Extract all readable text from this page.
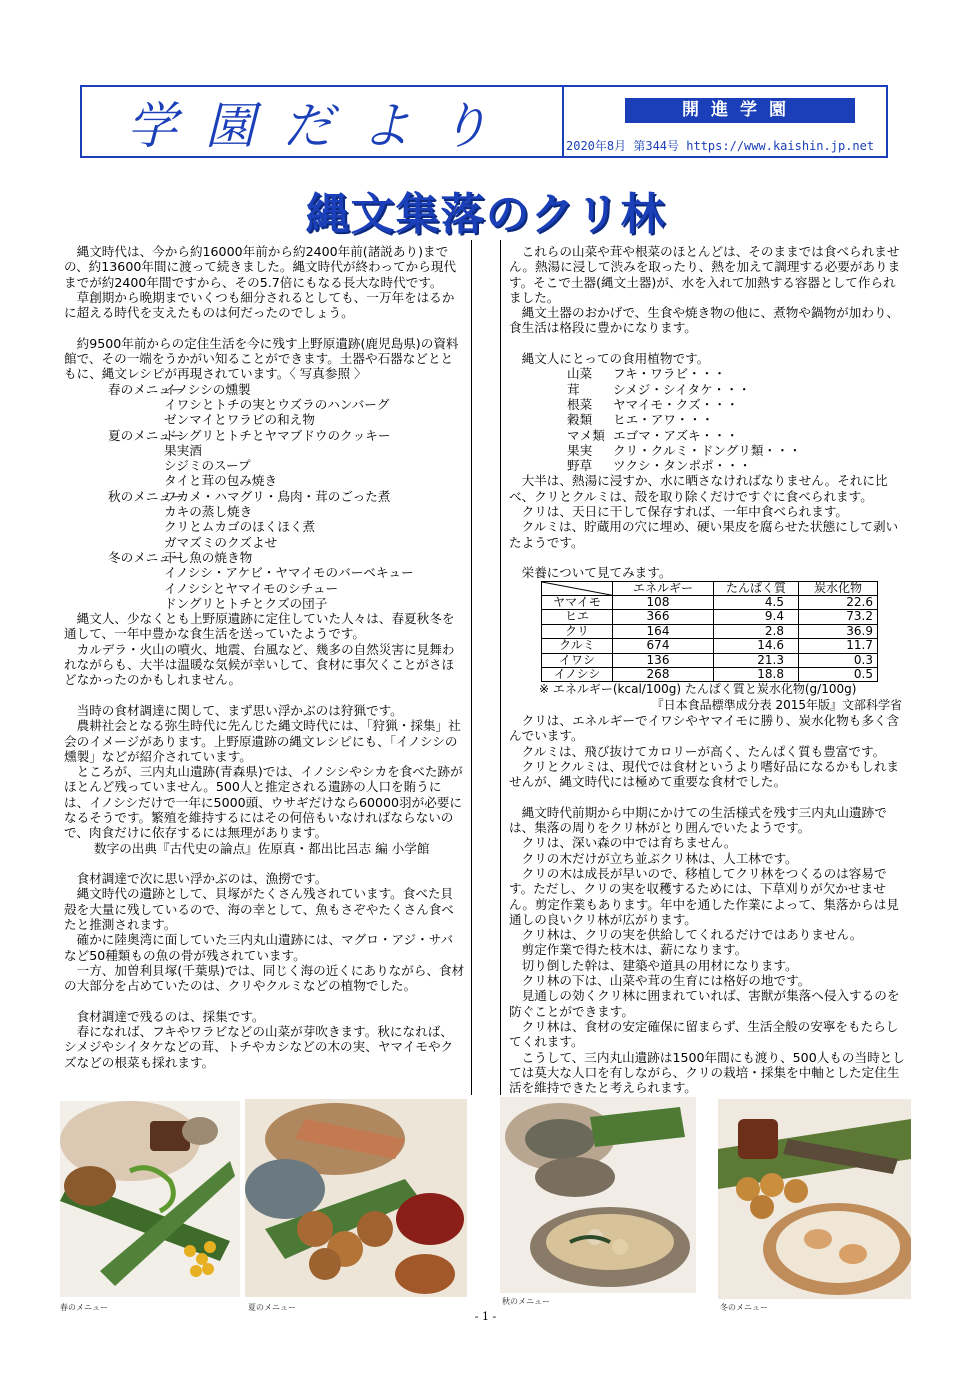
学園だより	開進学園
2020年8月 第344号 https://www.kaishin.jp.net
縄文集落のクリ林

縄文時代は、今から約16000年前から約2400年前(諸説あり)までの、約13600年間に渡って続きました。縄文時代が終わってから現代までが約2400年間ですから、その5.7倍にもなる長大な時代です。

草創期から晩期までいくつも細分されるとしても、一万年をはるかに超える時代を支えたものは何だったのでしょう。

約9500年前からの定住生活を今に残す上野原遺跡(鹿児島県)の資料館で、その一端をうかがい知ることができます。土器や石器などとともに、縄文レシピが再現されています。〈 写真参照 〉

春のメニュー
イノシシの燻製
イワシとトチの実とウズラのハンバーグ
ゼンマイとワラビの和え物
夏のメニュー
ドングリとトチとヤマブドウのクッキー
果実酒
シジミのスープ
タイと茸の包み焼き
秋のメニュー
ワカメ・ハマグリ・鳥肉・茸のごった煮
カキの蒸し焼き
クリとムカゴのほくほく煮
ガマズミのクズよせ
冬のメニュー
干し魚の焼き物
イノシシ・アケビ・ヤマイモのバーベキュー
イノシシとヤマイモのシチュー
ドングリとトチとクズの団子

縄文人、少なくとも上野原遺跡に定住していた人々は、春夏秋冬を通して、一年中豊かな食生活を送っていたようです。

カルデラ・火山の噴火、地震、台風など、幾多の自然災害に見舞われながらも、大半は温暖な気候が幸いして、食材に事欠くことがさほどなかったのかもしれません。

当時の食材調達に関して、まず思い浮かぶのは狩猟です。

農耕社会となる弥生時代に先んじた縄文時代には、「狩猟・採集」社会のイメージがあります。上野原遺跡の縄文レシピにも、「イノシシの燻製」などが紹介されています。

ところが、三内丸山遺跡(青森県)では、イノシシやシカを食べた跡がほとんど残っていません。500人と推定される遺跡の人口を賄うには、イノシシだけで一年に5000頭、ウサギだけなら60000羽が必要になるそうです。繁殖を維持するにはその何倍もいなければならないので、肉食だけに依存するには無理があります。

数字の出典『古代史の論点』佐原真・都出比呂志 編 小学館

食材調達で次に思い浮かぶのは、漁撈です。

縄文時代の遺跡として、貝塚がたくさん残されています。食べた貝殻を大量に残しているので、海の幸として、魚もさぞやたくさん食べたと推測されます。

確かに陸奥湾に面していた三内丸山遺跡には、マグロ・アジ・サバなど50種類もの魚の骨が残されています。

一方、加曽利貝塚(千葉県)では、同じく海の近くにありながら、食材の大部分を占めていたのは、クリやクルミなどの植物でした。

食材調達で残るのは、採集です。

春になれば、フキやワラビなどの山菜が芽吹きます。秋になれば、シメジやシイタケなどの茸、トチやカシなどの木の実、ヤマイモやクズなどの根菜も採れます。

これらの山菜や茸や根菜のほとんどは、そのままでは食べられません。熱湯に浸して渋みを取ったり、熱を加えて調理する必要があります。そこで土器(縄文土器)が、水を入れて加熱する容器として作られました。

縄文土器のおかげで、生食や焼き物の他に、煮物や鍋物が加わり、食生活は格段に豊かになります。

縄文人にとっての食用植物です。

山菜	フキ・ワラビ・・・
茸	シメジ・シイタケ・・・
根菜	ヤマイモ・クズ・・・
穀類	ヒエ・アワ・・・
マメ類 エゴマ・アズキ・・・
果実	クリ・クルミ・ドングリ類・・・
野草	ツクシ・タンポポ・・・

大半は、熱湯に浸すか、水に晒さなければなりません。それに比べ、クリとクルミは、殻を取り除くだけですぐに食べられます。

クリは、天日に干して保存すれば、一年中食べられます。

クルミは、貯蔵用の穴に埋め、硬い果皮を腐らせた状態にして剥いたようです。

栄養について見てみます。

	エネルギー	たんぱく質	炭水化物
ヤマイモ	108	4.5	22.6
ヒエ	366	9.4	73.2
クリ	164	2.8	36.9
クルミ	674	14.6	11.7
イワシ	136	21.3	0.3
イノシシ	268	18.8	0.5

※ エネルギー(kcal/100g) たんぱく質と炭水化物(g/100g)

『日本食品標準成分表 2015年版』文部科学省

クリは、エネルギーでイワシやヤマイモに勝り、炭水化物も多く含んでいます。

クルミは、飛び抜けてカロリーが高く、たんぱく質も豊富です。

クリとクルミは、現代では食材というより嗜好品になるかもしれませんが、縄文時代には極めて重要な食材でした。

縄文時代前期から中期にかけての生活様式を残す三内丸山遺跡では、集落の周りをクリ林がとり囲んでいたようです。

クリは、深い森の中では育ちません。

クリの木だけが立ち並ぶクリ林は、人工林です。

クリの木は成長が早いので、移植してクリ林をつくるのは容易です。ただし、クリの実を収穫するためには、下草刈りが欠かせません。剪定作業もあります。年中を通した作業によって、集落からは見通しの良いクリ林が広がります。

クリ林は、クリの実を供給してくれるだけではありません。

剪定作業で得た枝木は、薪になります。

切り倒した幹は、建築や道具の用材になります。

クリ林の下は、山菜や茸の生育には格好の地です。

見通しの効くクリ林に囲まれていれば、害獣が集落へ侵入するのを防ぐことができます。

クリ林は、食材の安定確保に留まらず、生活全般の安寧をもたらしてくれます。

こうして、三内丸山遺跡は1500年間にも渡り、500人もの当時としては莫大な人口を有しながら、クリの栽培・採集を中軸とした定住生活を維持できたと考えられます。

春のメニュー	夏のメニュー
秋のメニュー
冬のメニュー
- 1 -
